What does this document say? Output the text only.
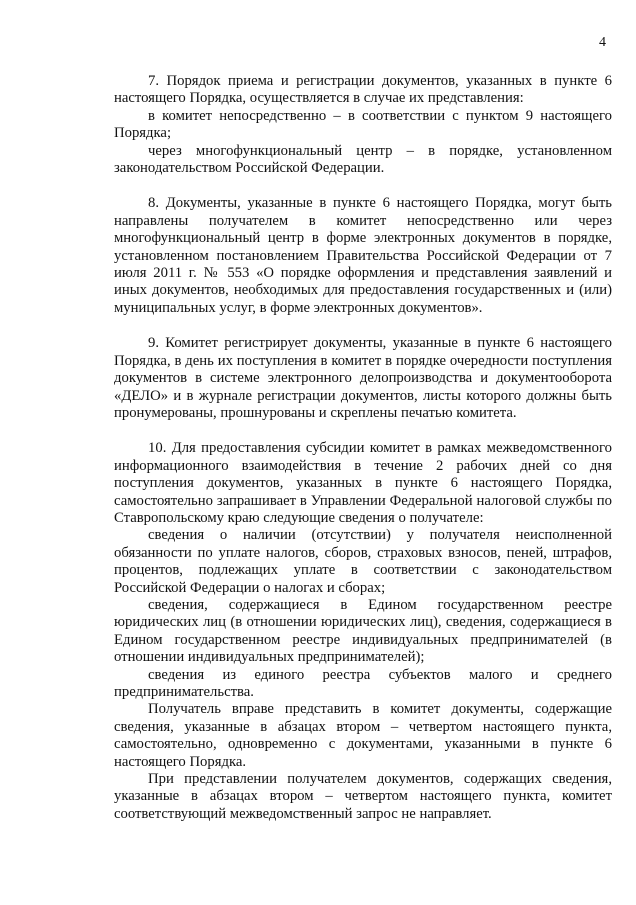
4

7. Порядок приема и регистрации документов, указанных в пункте 6 настоящего Порядка, осуществляется в случае их представления:

в комитет непосредственно – в соответствии с пунктом 9 настоящего Порядка;

через многофункциональный центр – в порядке, установленном законодательством Российской Федерации.

8. Документы, указанные в пункте 6 настоящего Порядка, могут быть направлены получателем в комитет непосредственно или через многофункциональный центр в форме электронных документов в порядке, установленном постановлением Правительства Российской Федерации от 7 июля 2011 г. № 553 «О порядке оформления и представления заявлений и иных документов, необходимых для предоставления государственных и (или) муниципальных услуг, в форме электронных документов».

9. Комитет регистрирует документы, указанные в пункте 6 настоящего Порядка, в день их поступления в комитет в порядке очередности поступления документов в системе электронного делопроизводства и документооборота «ДЕЛО» и в журнале регистрации документов, листы которого должны быть пронумерованы, прошнурованы и скреплены печатью комитета.

10. Для предоставления субсидии комитет в рамках межведомственного информационного взаимодействия в течение 2 рабочих дней со дня поступления документов, указанных в пункте 6 настоящего Порядка, самостоятельно запрашивает в Управлении Федеральной налоговой службы по Ставропольскому краю следующие сведения о получателе:

сведения о наличии (отсутствии) у получателя неисполненной обязанности по уплате налогов, сборов, страховых взносов, пеней, штрафов, процентов, подлежащих уплате в соответствии с законодательством Российской Федерации о налогах и сборах;

сведения, содержащиеся в Едином государственном реестре юридических лиц (в отношении юридических лиц), сведения, содержащиеся в Едином государственном реестре индивидуальных предпринимателей (в отношении индивидуальных предпринимателей);

сведения из единого реестра субъектов малого и среднего предпринимательства.

Получатель вправе представить в комитет документы, содержащие сведения, указанные в абзацах втором – четвертом настоящего пункта, самостоятельно, одновременно с документами, указанными в пункте 6 настоящего Порядка.

При представлении получателем документов, содержащих сведения, указанные в абзацах втором – четвертом настоящего пункта, комитет соответствующий межведомственный запрос не направляет.
